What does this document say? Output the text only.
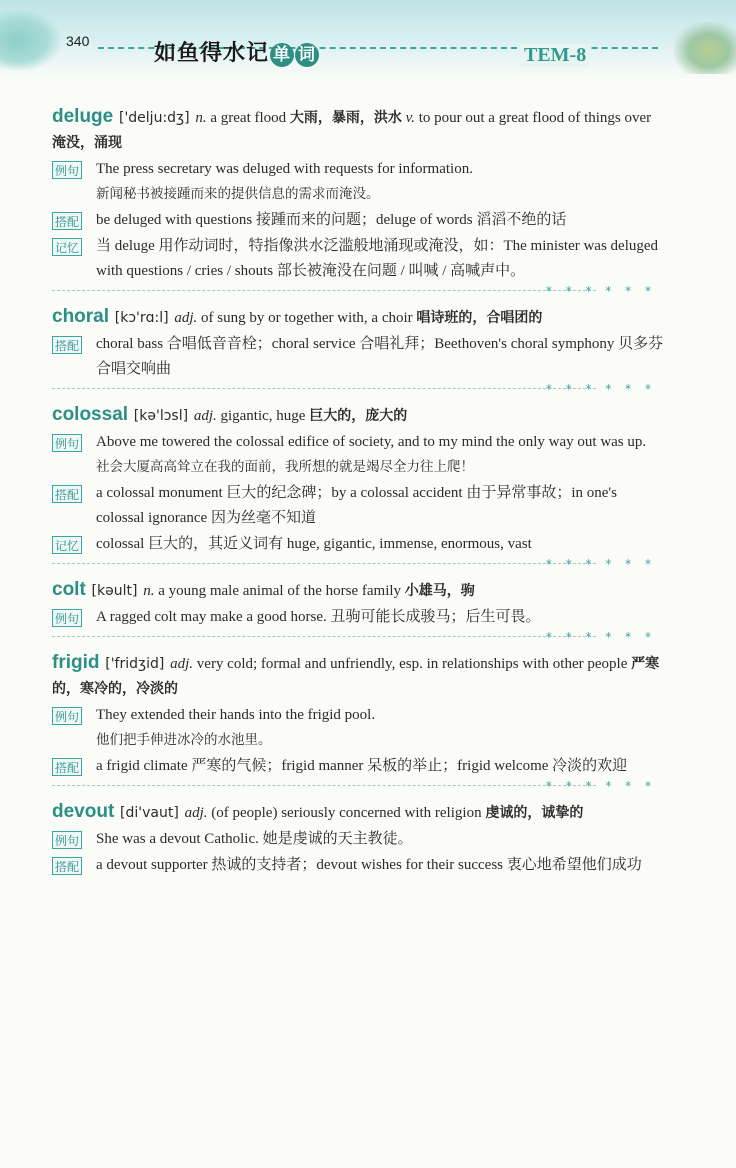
340	如鱼得水记 单 词	TEM-8
deluge ['delju:dʒ] n. a great flood 大雨，暴雨，洪水 v. to pour out a great flood of things over 淹没，涌现
例句 The press secretary was deluged with requests for information.
新闻秘书被接踵而来的提供信息的需求而淹没。
搭配 be deluged with questions 接踵而来的问题；deluge of words 滔滔不绝的话
记忆 当 deluge 用作动词时，特指像洪水泛滥般地涌现或淹没，如：The minister was deluged with questions / cries / shouts 部长被淹没在问题 / 叫喊 / 高喊声中。
* * * * * *
choral [kɔ'rɑ:l] adj. of sung by or together with, a choir 唱诗班的，合唱团的
搭配 choral bass 合唱低音音栓；choral service 合唱礼拜；Beethoven's choral symphony 贝多芬合唱交响曲
* * * * * *
colossal [kə'lɔsl] adj. gigantic, huge 巨大的，庞大的
例句 Above me towered the colossal edifice of society, and to my mind the only way out was up.
社会大厦高高耸立在我的面前，我所想的就是竭尽全力往上爬！
搭配 a colossal monument 巨大的纪念碑；by a colossal accident 由于异常事故；in one's colossal ignorance 因为丝毫不知道
记忆 colossal 巨大的，其近义词有 huge, gigantic, immense, enormous, vast
* * * * * *
colt [kəult] n. a young male animal of the horse family 小雄马，驹
例句 A ragged colt may make a good horse. 丑驹可能长成骏马；后生可畏。
* * * * * *
frigid ['fridʒid] adj. very cold; formal and unfriendly, esp. in relationships with other people 严寒的，寒冷的，冷淡的
例句 They extended their hands into the frigid pool.
他们把手伸进冰冷的水池里。
搭配 a frigid climate 严寒的气候；frigid manner 呆板的举止；frigid welcome 冷淡的欢迎
* * * * * *
devout [di'vaut] adj. (of people) seriously concerned with religion 虔诚的，诚挚的
例句 She was a devout Catholic. 她是虔诚的天主教徒。
搭配 a devout supporter 热诚的支持者；devout wishes for their success 衷心地希望他们成功
